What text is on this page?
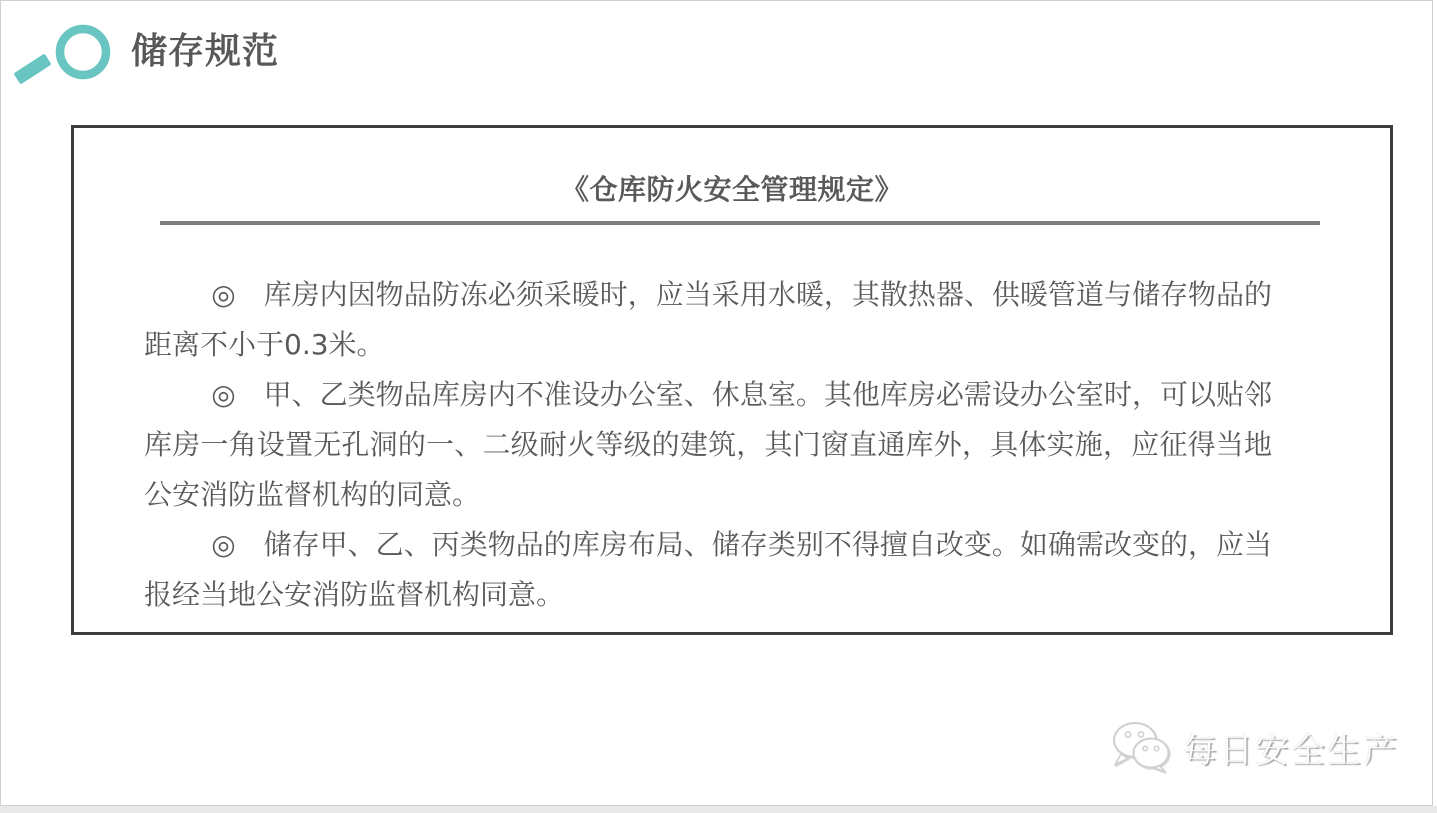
储存规范
《仓库防火安全管理规定》

◎ 库房内因物品防冻必须采暖时，应当采用水暖，其散热器、供暖管道与储存物品的距离不小于0.3米。

◎ 甲、乙类物品库房内不准设办公室、休息室。其他库房必需设办公室时，可以贴邻库房一角设置无孔洞的一、二级耐火等级的建筑，其门窗直通库外，具体实施，应征得当地公安消防监督机构的同意。

◎ 储存甲、乙、丙类物品的库房布局、储存类别不得擅自改变。如确需改变的，应当报经当地公安消防监督机构同意。

每日安全生产
